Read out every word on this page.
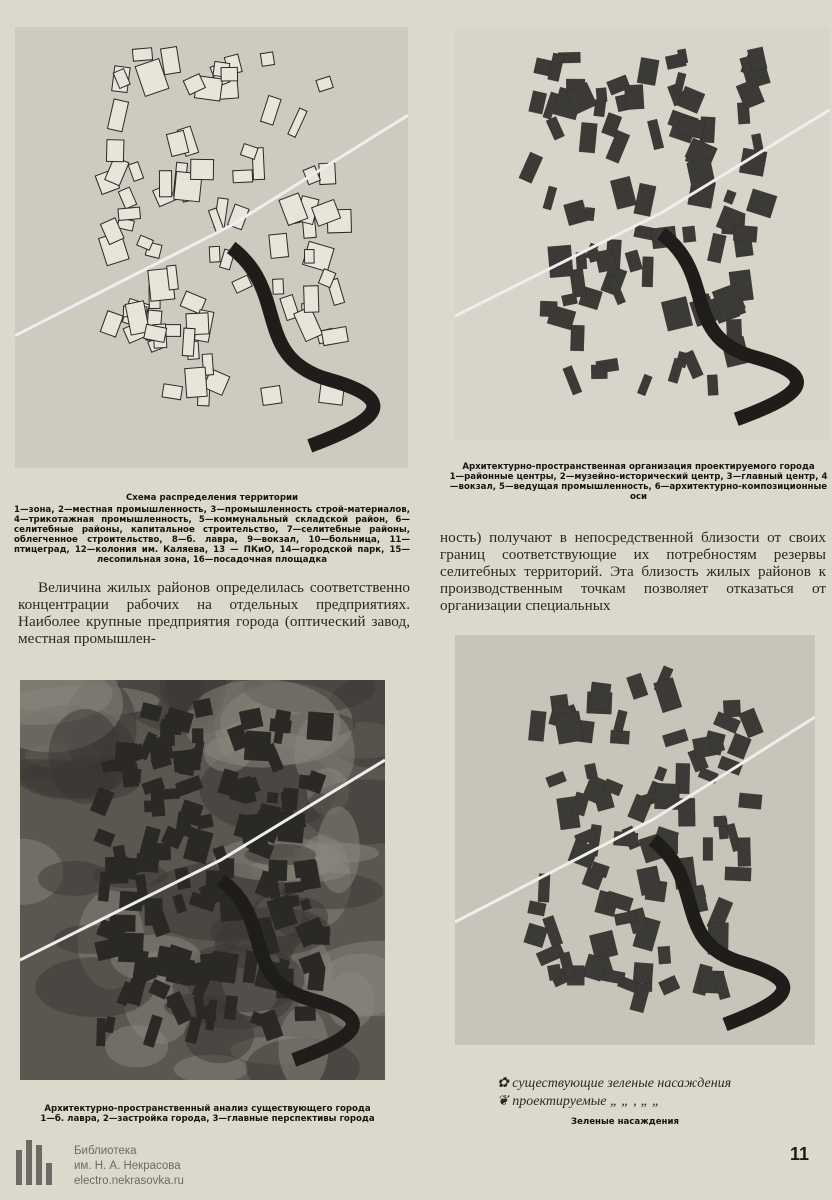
Схема распределения территории
1—зона, 2—местная промышленность, 3—промышленность строй-материалов, 4—трикотажная промышленность, 5—коммунальный складской район, 6—селитебные районы, капитальное строительство, 7—селитебные районы, облегченное строительство, 8—б. лавра, 9—вокзал, 10—больница, 11—птицеград, 12—колония им. Каляева, 13 — ПКиО, 14—городской парк, 15—лесопильная зона, 16—посадочная площадка
Архитектурно-пространственная организация проектируемого города
1—районные центры, 2—музейно-исторический центр, 3—главный центр, 4—вокзал, 5—ведущая промышленность, 6—архитектурно-композиционные оси

ность) получают в непосредственной близости от своих границ соответствующие их потребностям резервы селитебных территорий. Эта близость жилых районов к производственным точкам позволяет отказаться от организации специальных

Величина жилых районов определилась соответственно концентрации рабочих на отдельных предприятиях. Наиболее крупные предприятия города (оптический завод, местная промышлен-

Архитектурно-пространственный анализ существующего города
1—б. лавра, 2—застройка города, 3—главные перспективы города
✿ существующие зеленые насаждения
❦ проектируемые „ „ ‚ „ „
Зеленые насаждения
Библиотека
им. Н. А. Некрасова
electro.nekrasovka.ru
11
